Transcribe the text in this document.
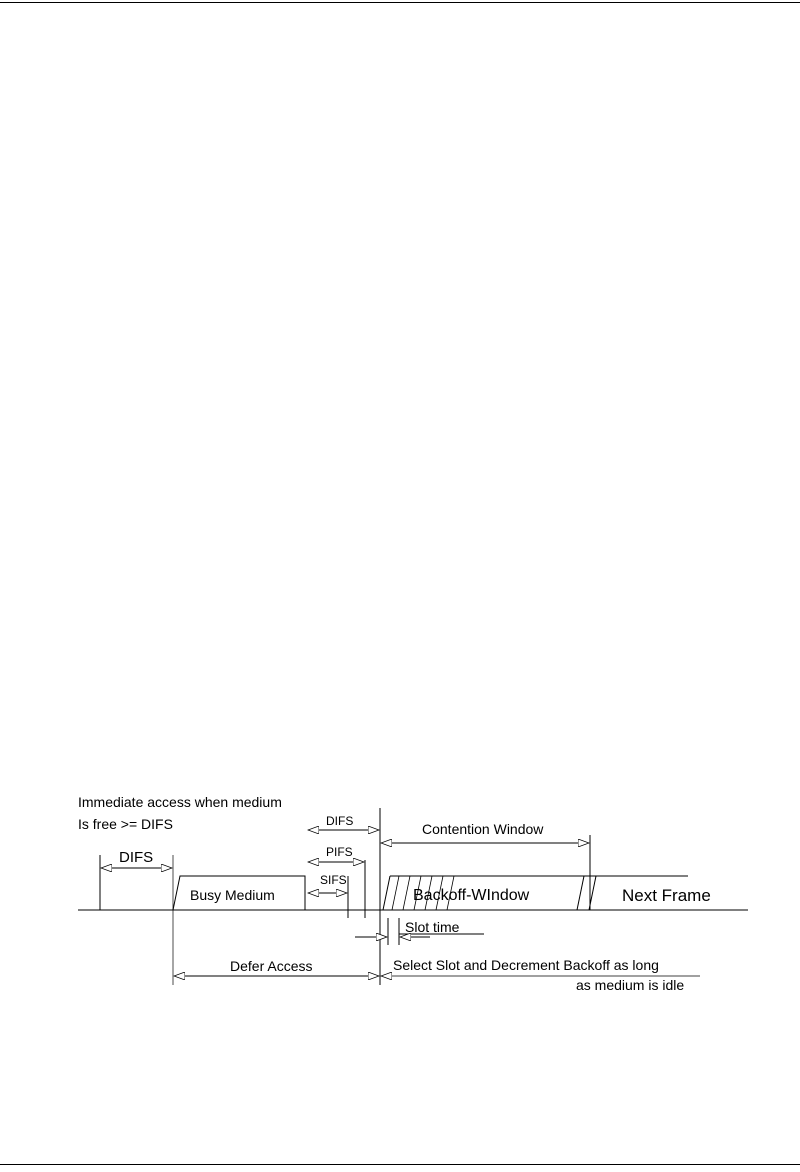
Immediate access when medium
Is free >= DIFS
DIFS
Busy Medium
DIFS
PIFS
SIFS
Contention Window
Backoff-WIndow	Next Frame
Slot time
Defer Access	Select Slot and Decrement Backoff as long
as medium is idle
